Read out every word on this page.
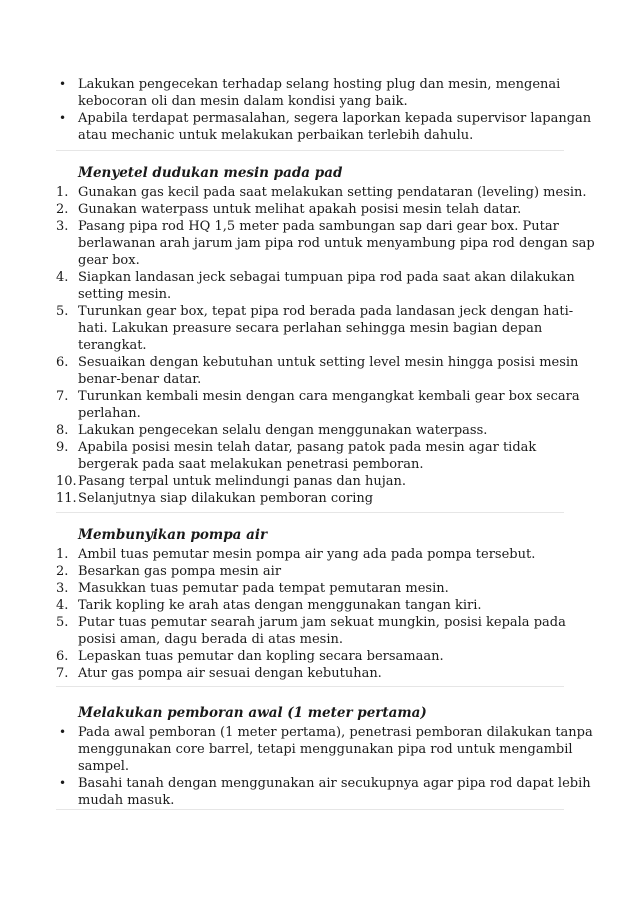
• Lakukan pengecekan terhadap selang hosting plug dan mesin, mengenai
kebocoran oli dan mesin dalam kondisi yang baik.
• Apabila terdapat permasalahan, segera laporkan kepada supervisor lapangan
atau mechanic untuk melakukan perbaikan terlebih dahulu.
Menyetel dudukan mesin pada pad
1. Gunakan gas kecil pada saat melakukan setting pendataran (leveling) mesin.
2. Gunakan waterpass untuk melihat apakah posisi mesin telah datar.
3. Pasang pipa rod HQ 1,5 meter pada sambungan sap dari gear box. Putar
berlawanan arah jarum jam pipa rod untuk menyambung pipa rod dengan sap
gear box.
4. Siapkan landasan jeck sebagai tumpuan pipa rod pada saat akan dilakukan
setting mesin.
5. Turunkan gear box, tepat pipa rod berada pada landasan jeck dengan hati-
hati. Lakukan preasure secara perlahan sehingga mesin bagian depan
terangkat.
6. Sesuaikan dengan kebutuhan untuk setting level mesin hingga posisi mesin
benar-benar datar.
7. Turunkan kembali mesin dengan cara mengangkat kembali gear box secara
perlahan.
8. Lakukan pengecekan selalu dengan menggunakan waterpass.
9. Apabila posisi mesin telah datar, pasang patok pada mesin agar tidak
bergerak pada saat melakukan penetrasi pemboran.
10. Pasang terpal untuk melindungi panas dan hujan.
11. Selanjutnya siap dilakukan pemboran coring
Membunyikan pompa air
1. Ambil tuas pemutar mesin pompa air yang ada pada pompa tersebut.
2. Besarkan gas pompa mesin air
3. Masukkan tuas pemutar pada tempat pemutaran mesin.
4. Tarik kopling ke arah atas dengan menggunakan tangan kiri.
5. Putar tuas pemutar searah jarum jam sekuat mungkin, posisi kepala pada
posisi aman, dagu berada di atas mesin.
6. Lepaskan tuas pemutar dan kopling secara bersamaan.
7. Atur gas pompa air sesuai dengan kebutuhan.
Melakukan pemboran awal (1 meter pertama)
• Pada awal pemboran (1 meter pertama), penetrasi pemboran dilakukan tanpa
menggunakan core barrel, tetapi menggunakan pipa rod untuk mengambil
sampel.
• Basahi tanah dengan menggunakan air secukupnya agar pipa rod dapat lebih
mudah masuk.
